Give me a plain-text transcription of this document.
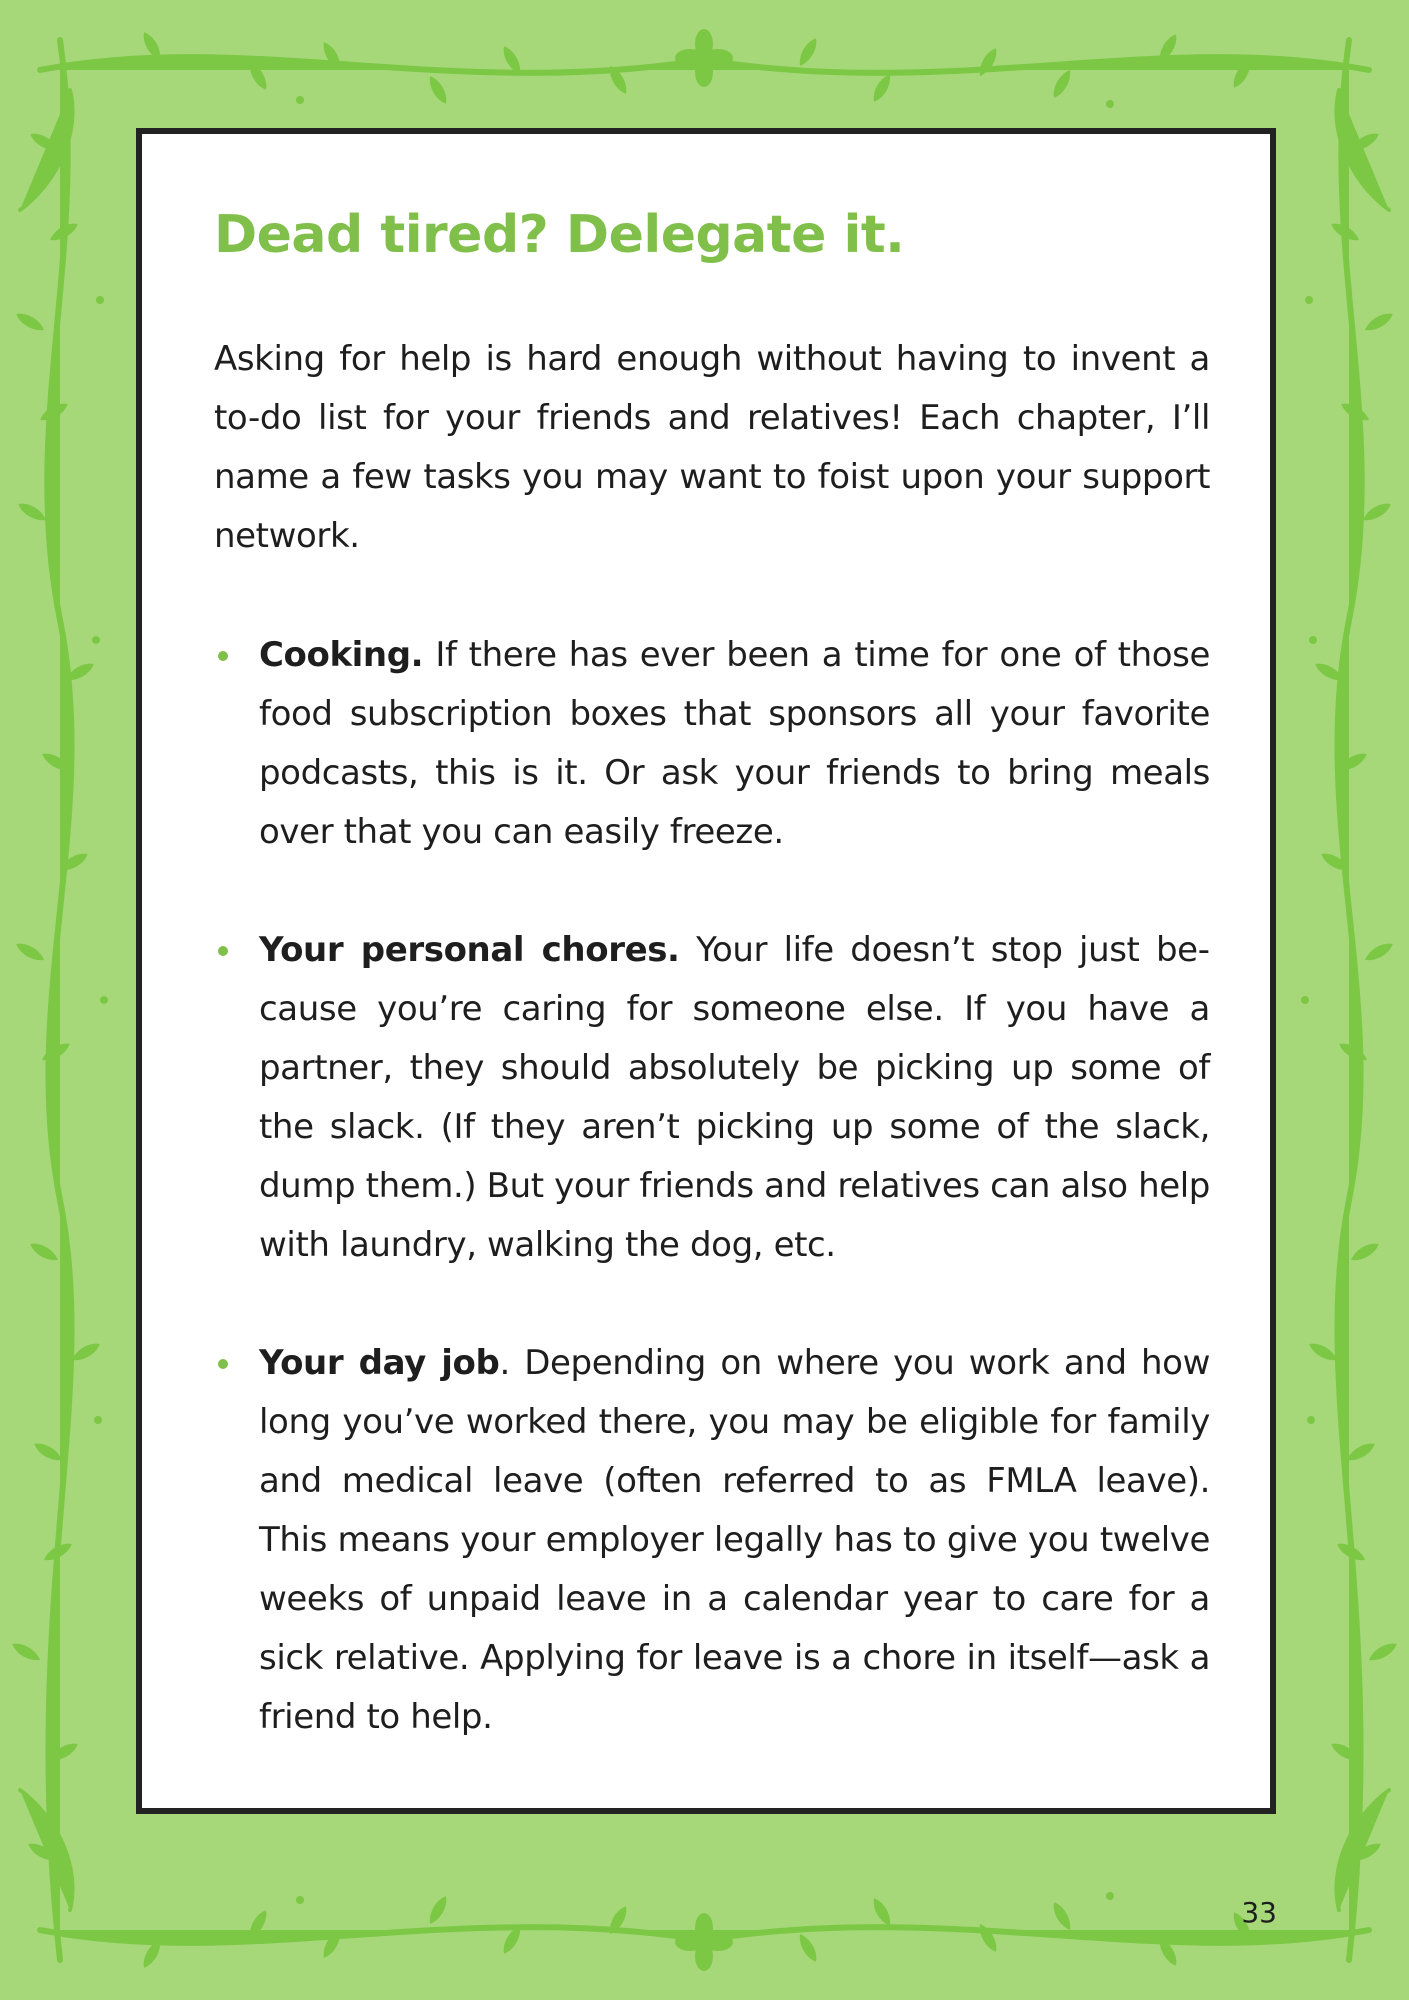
Dead tired? Delegate it.

Asking for help is hard enough without having to invent a to-do list for your friends and relatives! Each chapter, I’ll name a few tasks you may want to foist upon your support network.

Cooking. If there has ever been a time for one of those food subscription boxes that sponsors all your favorite podcasts, this is it. Or ask your friends to bring meals over that you can easily freeze.
Your personal chores. Your life doesn’t stop just because you’re caring for someone else. If you have a partner, they should absolutely be picking up some of the slack. (If they aren’t picking up some of the slack, dump them.) But your friends and relatives can also help with laundry, walking the dog, etc.
Your day job. Depending on where you work and how long you’ve worked there, you may be eligible for family and medical leave (often referred to as FMLA leave). This means your employer legally has to give you twelve weeks of unpaid leave in a calendar year to care for a sick relative. Applying for leave is a chore in itself—ask a friend to help.
33
